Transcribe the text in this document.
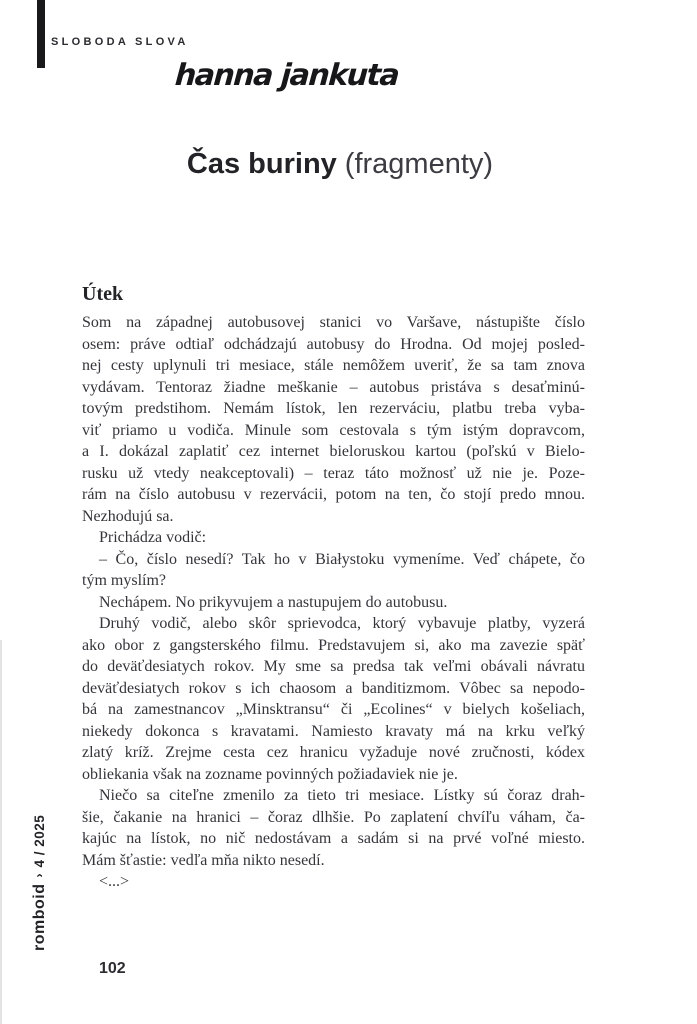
SLOBODA SLOVA
hanna jankuta
Čas buriny (fragmenty)
Útek
Som na západnej autobusovej stanici vo Varšave, nástupište číslo
osem: práve odtiaľ odchádzajú autobusy do Hrodna. Od mojej posled-
nej cesty uplynuli tri mesiace, stále nemôžem uveriť, že sa tam znova
vydávam. Tentoraz žiadne meškanie – autobus pristáva s desaťminú-
tovým predstihom. Nemám lístok, len rezerváciu, platbu treba vyba-
viť priamo u vodiča. Minule som cestovala s tým istým dopravcom,
a I. dokázal zaplatiť cez internet bieloruskou kartou (poľskú v Bielo-
rusku už vtedy neakceptovali) – teraz táto možnosť už nie je. Poze-
rám na číslo autobusu v rezervácii, potom na ten, čo stojí predo mnou.
Nezhodujú sa.
Prichádza vodič:
– Čo, číslo nesedí? Tak ho v Białystoku vymeníme. Veď chápete, čo
tým myslím?
Nechápem. No prikyvujem a nastupujem do autobusu.
Druhý vodič, alebo skôr sprievodca, ktorý vybavuje platby, vyzerá
ako obor z gangsterského filmu. Predstavujem si, ako ma zavezie späť
do deväťdesiatych rokov. My sme sa predsa tak veľmi obávali návratu
deväťdesiatych rokov s ich chaosom a banditizmom. Vôbec sa nepodo-
bá na zamestnancov „Minsktransu“ či „Ecolines“ v bielych košeliach,
niekedy dokonca s kravatami. Namiesto kravaty má na krku veľký
zlatý kríž. Zrejme cesta cez hranicu vyžaduje nové zručnosti, kódex
obliekania však na zozname povinných požiadaviek nie je.
Niečo sa citeľne zmenilo za tieto tri mesiace. Lístky sú čoraz drah-
šie, čakanie na hranici – čoraz dlhšie. Po zaplatení chvíľu váham, ča-
kajúc na lístok, no nič nedostávam a sadám si na prvé voľné miesto.
Mám šťastie: vedľa mňa nikto nesedí.
<...>
romboid›4 / 2025
102
